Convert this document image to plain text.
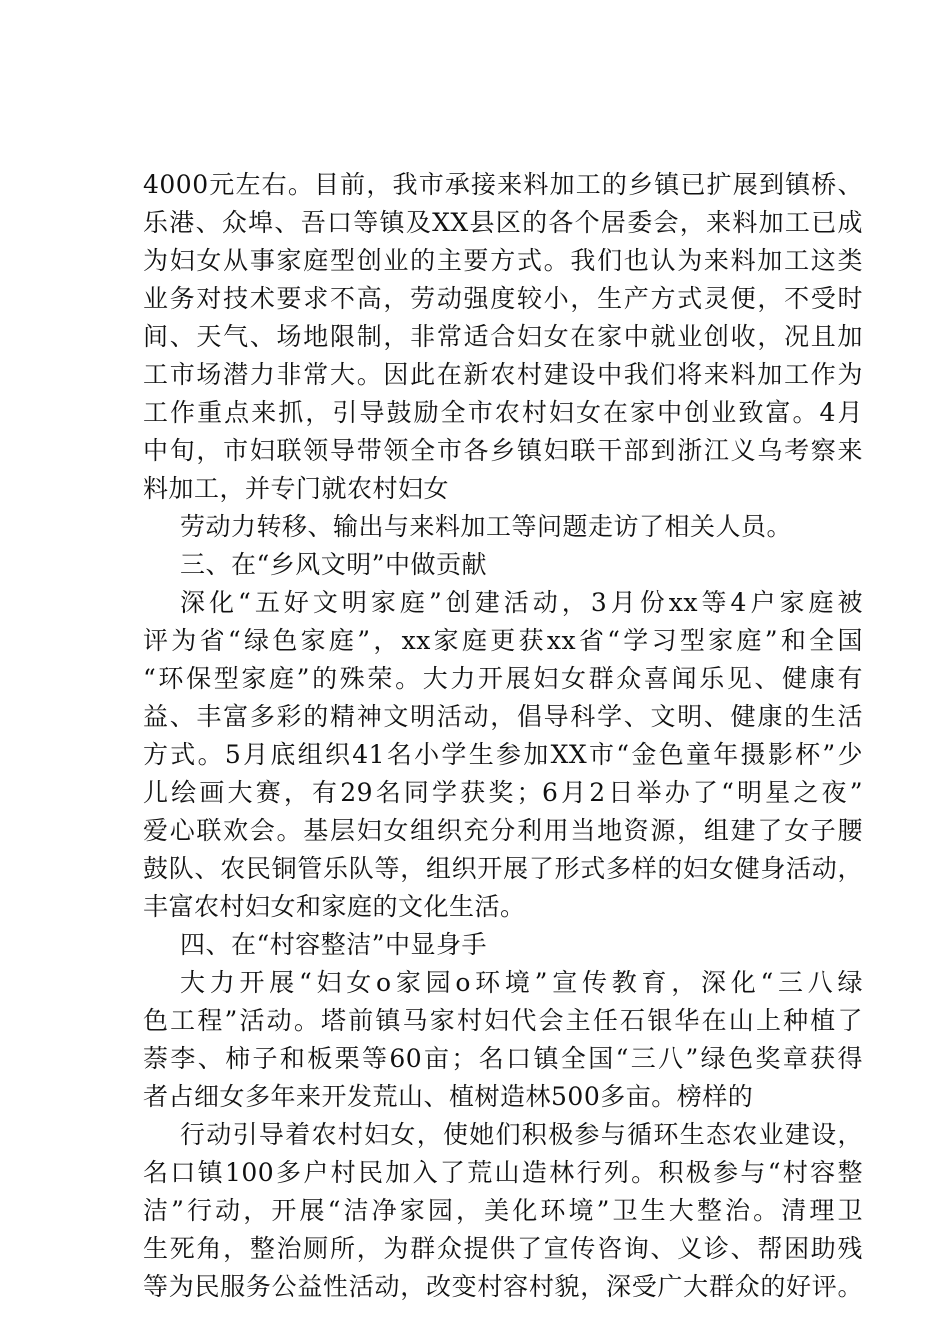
4000元左右。目前，我市承接来料加工的乡镇已扩展到镇桥、
乐港、众埠、吾口等镇及XX县区的各个居委会，来料加工已成
为妇女从事家庭型创业的主要方式。我们也认为来料加工这类
业务对技术要求不高，劳动强度较小，生产方式灵便，不受时
间、天气、场地限制，非常适合妇女在家中就业创收，况且加
工市场潜力非常大。因此在新农村建设中我们将来料加工作为
工作重点来抓，引导鼓励全市农村妇女在家中创业致富。4月
中旬，市妇联领导带领全市各乡镇妇联干部到浙江义乌考察来
料加工，并专门就农村妇女
劳动力转移、输出与来料加工等问题走访了相关人员。
三、在“乡风文明”中做贡献
深化“五好文明家庭”创建活动，3月份xx等4户家庭被
评为省“绿色家庭”，xx家庭更获xx省“学习型家庭”和全国
“环保型家庭”的殊荣。大力开展妇女群众喜闻乐见、健康有
益、丰富多彩的精神文明活动，倡导科学、文明、健康的生活
方式。5月底组织41名小学生参加XX市“金色童年摄影杯”少
儿绘画大赛，有29名同学获奖；6月2日举办了“明星之夜”
爱心联欢会。基层妇女组织充分利用当地资源，组建了女子腰
鼓队、农民铜管乐队等，组织开展了形式多样的妇女健身活动，
丰富农村妇女和家庭的文化生活。
四、在“村容整洁”中显身手
大力开展“妇女o家园o环境”宣传教育，深化“三八绿
色工程”活动。塔前镇马家村妇代会主任石银华在山上种植了
萘李、柿子和板栗等60亩；名口镇全国“三八”绿色奖章获得
者占细女多年来开发荒山、植树造林500多亩。榜样的
行动引导着农村妇女，使她们积极参与循环生态农业建设，
名口镇100多户村民加入了荒山造林行列。积极参与“村容整
洁”行动，开展“洁净家园，美化环境”卫生大整治。清理卫
生死角，整治厕所，为群众提供了宣传咨询、义诊、帮困助残
等为民服务公益性活动，改变村容村貌，深受广大群众的好评。
